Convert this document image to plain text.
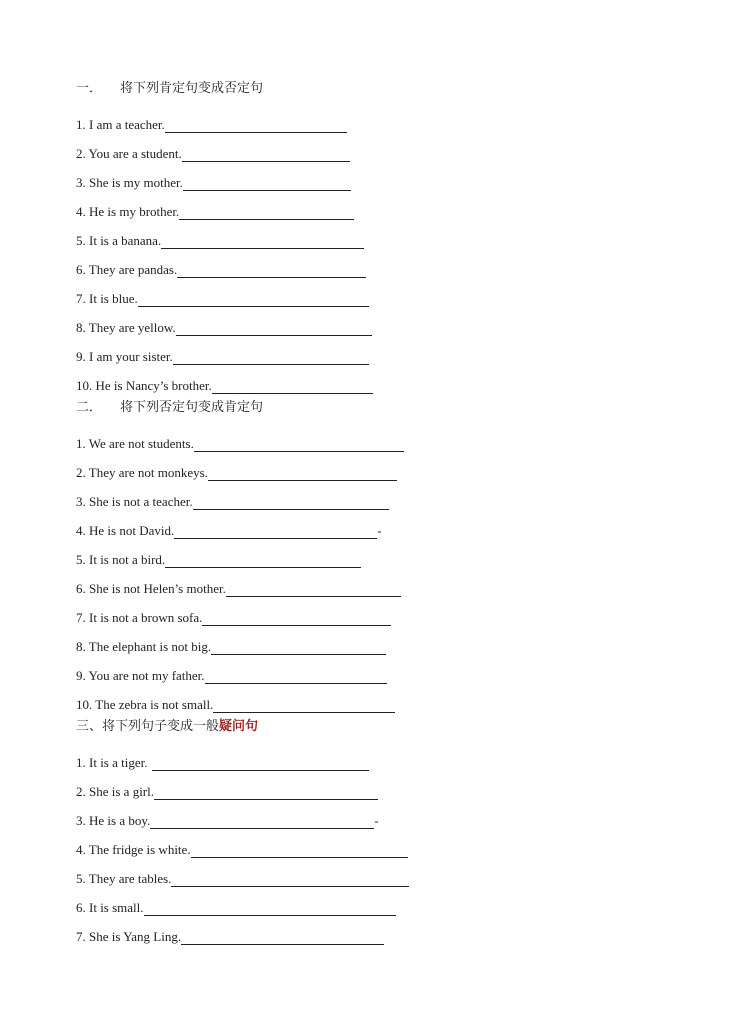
一． 将下列肯定句变成否定句
1. I am a teacher.
2. You are a student.
3. She is my mother.
4. He is my brother.
5. It is a banana.
6. They are pandas.
7. It is blue.
8. They are yellow.
9. I am your sister.
10. He is Nancy’s brother.
二． 将下列否定句变成肯定句
1. We are not students.
2. They are not monkeys.
3. She is not a teacher.
4. He is not David.	-
5. It is not a bird.
6. She is not Helen’s mother.
7. It is not a brown sofa.
8. The elephant is not big.
9. You are not my father.
10. The zebra is not small.
三、将下列句子变成一般疑问句
1. It is a tiger.
2. She is a girl.
3. He is a boy.	-
4. The fridge is white.
5. They are tables.
6. It is small.
7. She is Yang Ling.
